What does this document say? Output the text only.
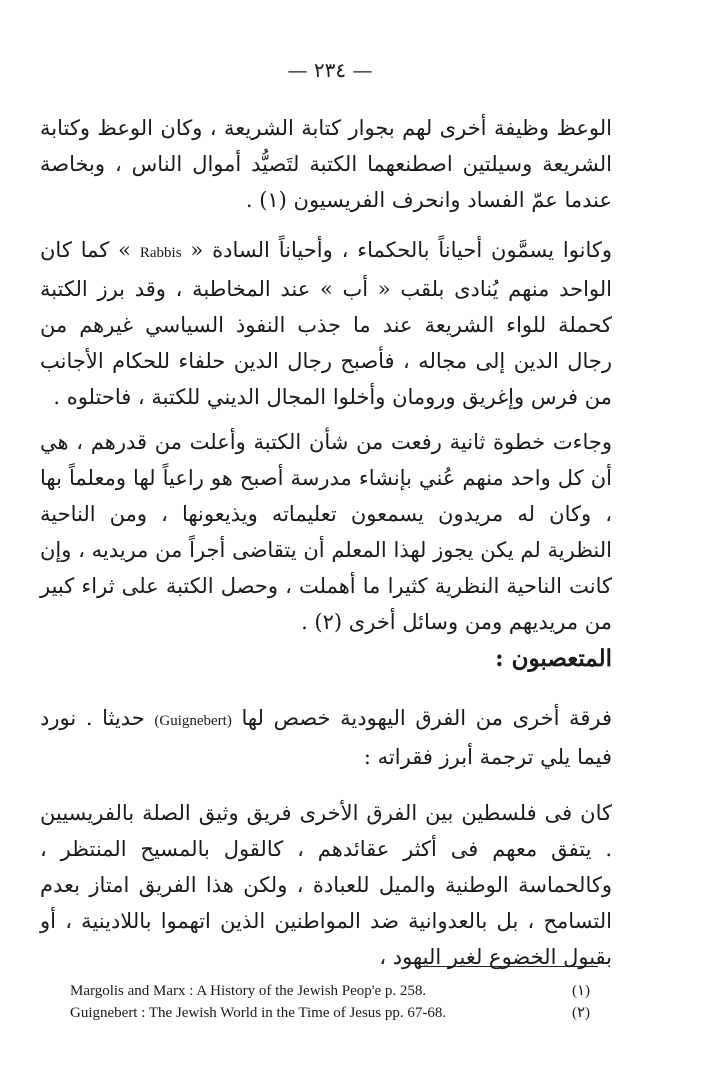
— ٢٣٤ —

الوعظ وظيفة أخرى لهم بجوار كتابة الشريعة ، وكان الوعظ وكتابة الشريعة وسيلتين اصطنعهما الكتبة لتَصيُّد أموال الناس ، وبخاصة عندما عمّ الفساد وانحرف الفريسيون (١) .

وكانوا يسمَّون أحياناً بالحكماء ، وأحياناً السادة « Rabbis » كما كان الواحد منهم يُنادى بلقب « أب » عند المخاطبة ، وقد برز الكتبة كحملة للواء الشريعة عند ما جذب النفوذ السياسي غيرهم من رجال الدين إلى مجاله ، فأصبح رجال الدين حلفاء للحكام الأجانب من فرس وإغريق ورومان وأخلوا المجال الديني للكتبة ، فاحتلوه .

وجاءت خطوة ثانية رفعت من شأن الكتبة وأعلت من قدرهم ، هي أن كل واحد منهم عُني بإنشاء مدرسة أصبح هو راعياً لها ومعلماً بها ، وكان له مريدون يسمعون تعليماته ويذيعونها ، ومن الناحية النظرية لم يكن يجوز لهذا المعلم أن يتقاضى أجراً من مريديه ، وإن كانت الناحية النظرية كثيرا ما أهملت ، وحصل الكتبة على ثراء كبير من مريديهم ومن وسائل أخرى (٢) .

المتعصبون :

فرقة أخرى من الفرق اليهودية خصص لها (Guignebert) حديثا . نورد فيما يلي ترجمة أبرز فقراته :

كان فى فلسطين بين الفرق الأخرى فريق وثيق الصلة بالفريسيين . يتفق معهم فى أكثر عقائدهم ، كالقول بالمسيح المنتظر ، وكالحماسة الوطنية والميل للعبادة ، ولكن هذا الفريق امتاز بعدم التسامح ، بل بالعدوانية ضد المواطنين الذين اتهموا باللادينية ، أو بقبول الخضوع لغير اليهود ،

Margolis and Marx : A History of the Jewish Peop'e p. 258.	(١)
Guignebert : The Jewish World in the Time of Jesus pp. 67-68.	(٢)
